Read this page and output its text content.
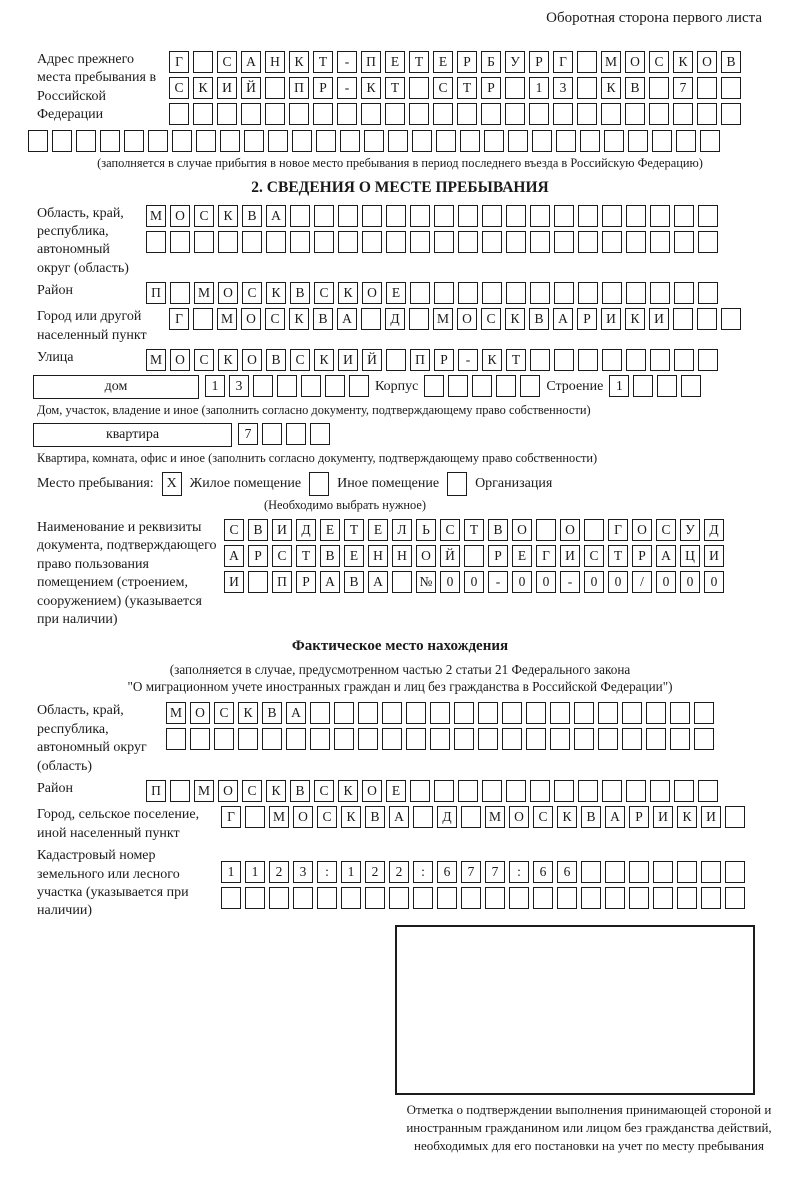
Оборотная сторона первого листа
Адрес прежнего места пребывания в Российской Федерации
Г	С	А	Н	К	Т	-	П	Е	Т	Е	Р	Б	У	Р	Г	М О	С	К	О	В
С	К	И	Й	П	Р	-	К	Т	С	Т	Р	1	3	К	В	7
(заполняется в случае прибытия в новое место пребывания в период последнего въезда в Российскую Федерацию)
2. СВЕДЕНИЯ О МЕСТЕ ПРЕБЫВАНИЯ
Область, край, республика, автономный округ (область)
М О	С	К	В	А
Район	П	М О	С	К	В	С	К	О	Е
Город или другой населенный пункт
Г	М О	С	К	В	А	Д	М О	С	К	В	А	Р	И	К	И
Улица	М О	С	К	О	В	С	К	И	Й	П	Р	-	К	Т
дом	1	3	Корпус	Строение 1
Дом, участок, владение и иное (заполнить согласно документу, подтверждающему право собственности)
квартира	7
Квартира, комната, офис и иное (заполнить согласно документу, подтверждающему право собственности)
Место пребывания: X Жилое помещение	Иное помещение	Организация
(Необходимо выбрать нужное)
Наименование и реквизиты документа, подтверждающего право пользования помещением (строением, сооружением) (указывается при наличии)
С	В	И	Д	Е	Т	Е	Л	Ь	С	Т	В	О	О	Г	О	С	У	Д
А	Р	С	Т	В	Е	Н	Н	О	Й	Р	Е	Г	И	С	Т	Р	А	Ц	И
И	П	Р	А	В	А	№	0	0	-	0	0	-	0	0	/	0	0	0
Фактическое место нахождения
(заполняется в случае, предусмотренном частью 2 статьи 21 Федерального закона
"О миграционном учете иностранных граждан и лиц без гражданства в Российской Федерации")
Область, край, республика, автономный округ (область)
М О	С	К	В	А
Район	П	М О	С	К	В	С	К	О	Е
Город, сельское поселение, иной населенный пункт
Г	М О	С	К	В	А	Д	М О	С	К	В	А	Р	И	К	И
Кадастровый номер земельного или лесного участка (указывается при наличии)
1	1	2	3	:	1	2	2	:	6	7	7	:	6	6
Отметка о подтверждении выполнения принимающей стороной и иностранным гражданином или лицом без гражданства действий, необходимых для его постановки на учет по месту пребывания
